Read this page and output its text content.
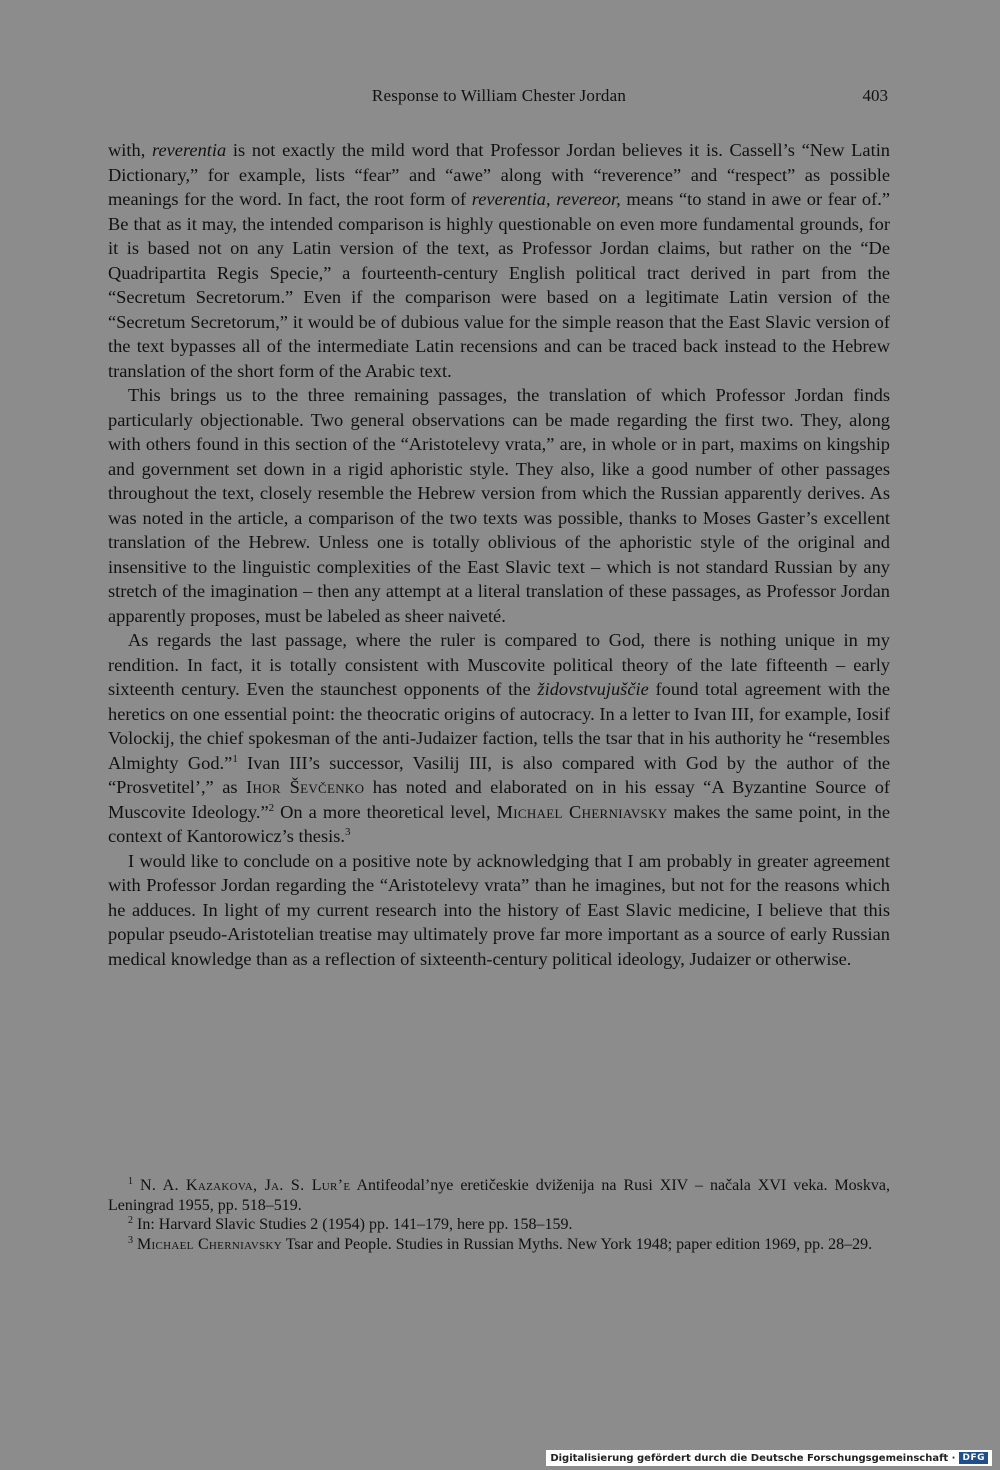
Response to William Chester Jordan	403

with, reverentia is not exactly the mild word that Professor Jordan believes it is. Cassell’s “New Latin Dictionary,” for example, lists “fear” and “awe” along with “reverence” and “respect” as possible meanings for the word. In fact, the root form of reverentia, revereor, means “to stand in awe or fear of.” Be that as it may, the intended comparison is highly questionable on even more fundamental grounds, for it is based not on any Latin version of the text, as Professor Jordan claims, but rather on the “De Quadripartita Regis Specie,” a fourteenth-century English political tract derived in part from the “Secretum Secretorum.” Even if the comparison were based on a legitimate Latin version of the “Secretum Secretorum,” it would be of dubious value for the simple reason that the East Slavic version of the text bypasses all of the intermediate Latin recensions and can be traced back instead to the Hebrew translation of the short form of the Arabic text.

This brings us to the three remaining passages, the translation of which Professor Jordan finds particularly objectionable. Two general observations can be made regarding the first two. They, along with others found in this section of the “Aristotelevy vrata,” are, in whole or in part, maxims on kingship and government set down in a rigid aphoristic style. They also, like a good number of other passages throughout the text, closely resemble the Hebrew version from which the Russian apparently derives. As was noted in the article, a comparison of the two texts was possible, thanks to Moses Gaster’s excellent translation of the Hebrew. Unless one is totally oblivious of the aphoristic style of the original and insensitive to the linguistic complexities of the East Slavic text – which is not standard Russian by any stretch of the imagination – then any attempt at a literal translation of these passages, as Professor Jordan apparently proposes, must be labeled as sheer naiveté.

As regards the last passage, where the ruler is compared to God, there is nothing unique in my rendition. In fact, it is totally consistent with Muscovite political theory of the late fifteenth – early sixteenth century. Even the staunchest opponents of the židovstvujuščie found total agreement with the heretics on one essential point: the theocratic origins of autocracy. In a letter to Ivan III, for example, Iosif Volockij, the chief spokesman of the anti-Judaizer faction, tells the tsar that in his authority he “resembles Almighty God.”$^1$ Ivan III’s successor, Vasilij III, is also compared with God by the author of the “Prosvetitel’,” as Ihor Ševčenko has noted and elaborated on in his essay “A Byzantine Source of Muscovite Ideology.”$^2$ On a more theoretical level, Michael Cherniavsky makes the same point, in the context of Kantorowicz’s thesis.$^3$

I would like to conclude on a positive note by acknowledging that I am probably in greater agreement with Professor Jordan regarding the “Aristotelevy vrata” than he imagines, but not for the reasons which he adduces. In light of my current research into the history of East Slavic medicine, I believe that this popular pseudo-Aristotelian treatise may ultimately prove far more important as a source of early Russian medical knowledge than as a reflection of sixteenth-century political ideology, Judaizer or otherwise.

$^1$ N. A. Kazakova, Ja. S. Lur’e Antifeodal’nye eretičeskie dviženija na Rusi XIV – načala XVI veka. Moskva, Leningrad 1955, pp. 518–519.

$^2$ In: Harvard Slavic Studies 2 (1954) pp. 141–179, here pp. 158–159.

$^3$ Michael Cherniavsky Tsar and People. Studies in Russian Myths. New York 1948; paper edition 1969, pp. 28–29.

Digitalisierung gefördert durch die Deutsche Forschungsgemeinschaft · DFG
